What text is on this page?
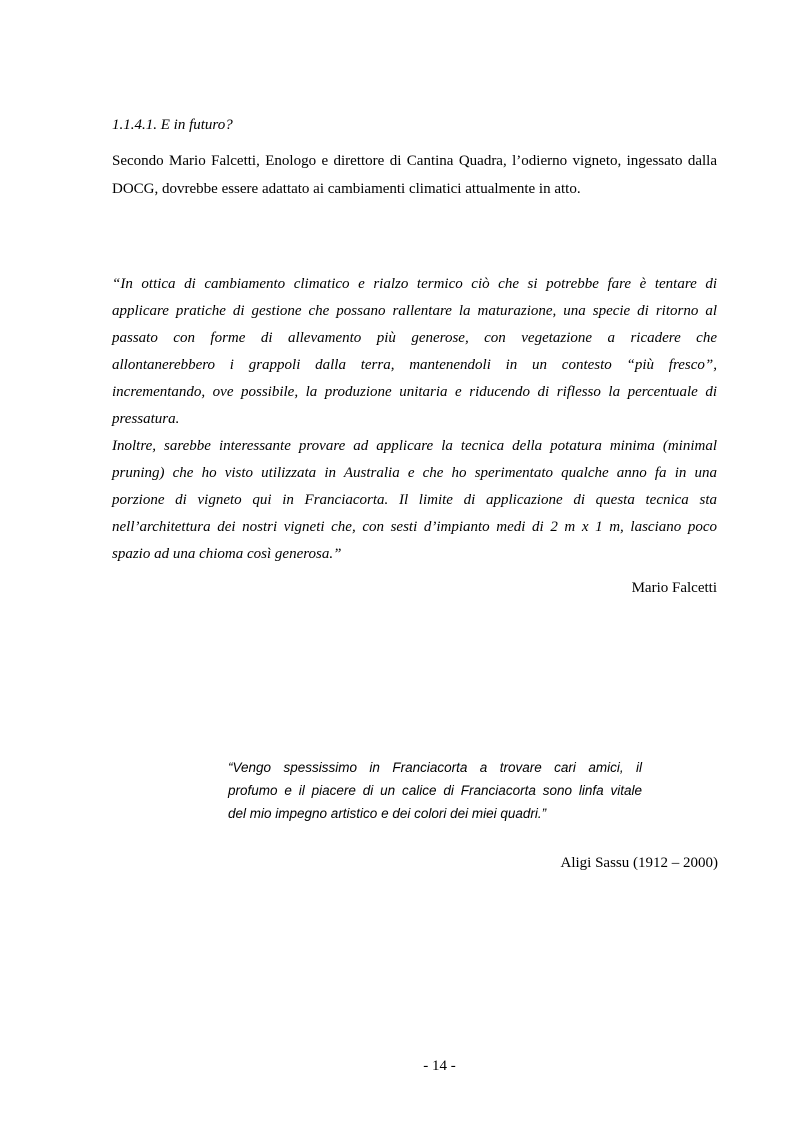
1.1.4.1. E in futuro?

Secondo Mario Falcetti, Enologo e direttore di Cantina Quadra, l’odierno vigneto, ingessato dalla DOCG, dovrebbe essere adattato ai cambiamenti climatici attualmente in atto.

“In ottica di cambiamento climatico e rialzo termico ciò che si potrebbe fare è tentare di
applicare pratiche di gestione che possano rallentare la maturazione, una specie di ritorno al
passato con forme di allevamento più generose, con vegetazione a ricadere che
allontanerebbero i grappoli dalla terra, mantenendoli in un contesto “più fresco”,
incrementando, ove possibile, la produzione unitaria e riducendo di riflesso la percentuale di
pressatura.
Inoltre, sarebbe interessante provare ad applicare la tecnica della potatura minima (minimal
pruning) che ho visto utilizzata in Australia e che ho sperimentato qualche anno fa in una
porzione di vigneto qui in Franciacorta. Il limite di applicazione di questa tecnica sta
nell’architettura dei nostri vigneti che, con sesti d’impianto medi di 2 m x 1 m, lasciano poco
spazio ad una chioma così generosa.”

Mario Falcetti

“Vengo spessissimo in Franciacorta a trovare cari amici, il
profumo e il piacere di un calice di Franciacorta sono linfa vitale
del mio impegno artistico e dei colori dei miei quadri.”

Aligi Sassu (1912 – 2000)

- 14 -
